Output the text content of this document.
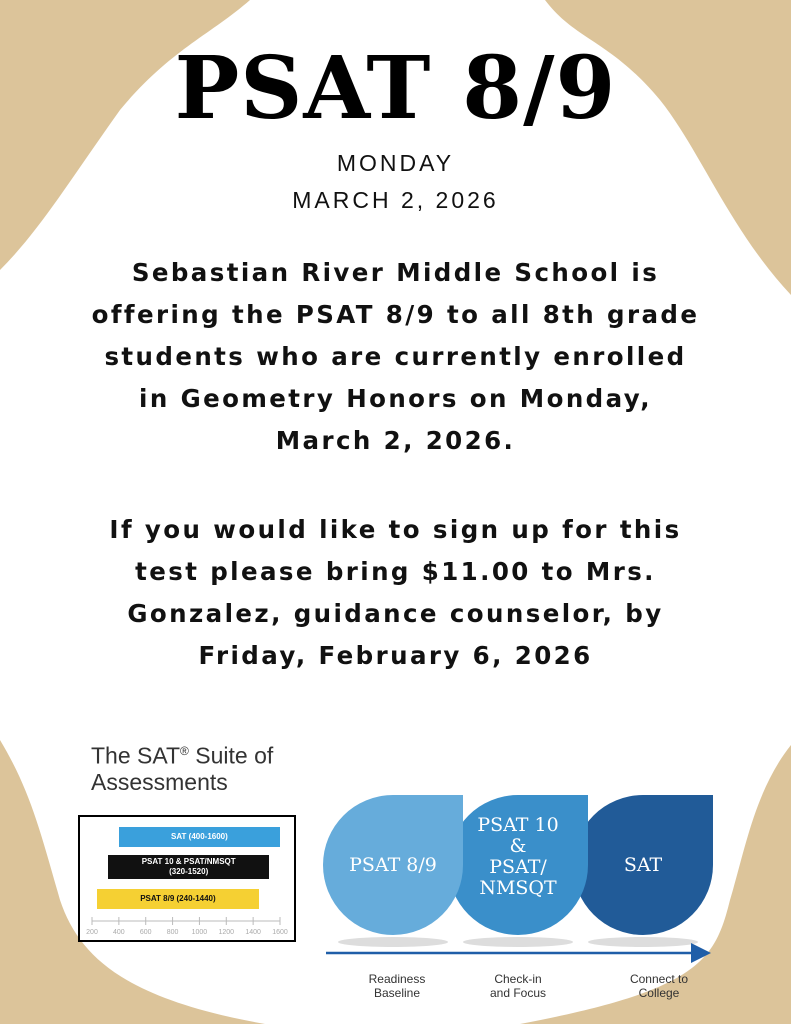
PSAT 8/9
MONDAY
MARCH 2, 2026
Sebastian River Middle School is
offering the PSAT 8/9 to all 8th grade
students who are currently enrolled
in Geometry Honors on Monday,
March 2, 2026.
If you would like to sign up for this
test please bring $11.00 to Mrs.
Gonzalez, guidance counselor, by
Friday, February 6, 2026
The SAT® Suite of
Assessments
SAT (400-1600)
PSAT 10 & PSAT/NMSQT
(320-1520)
PSAT 8/9 (240-1440)
200 400 600 800 1000 1200 1400 1600
PSAT 8/9
Readiness
Baseline
PSAT 10
&
PSAT/
NMSQT
Check-in
and Focus
SAT
Connect to
College
